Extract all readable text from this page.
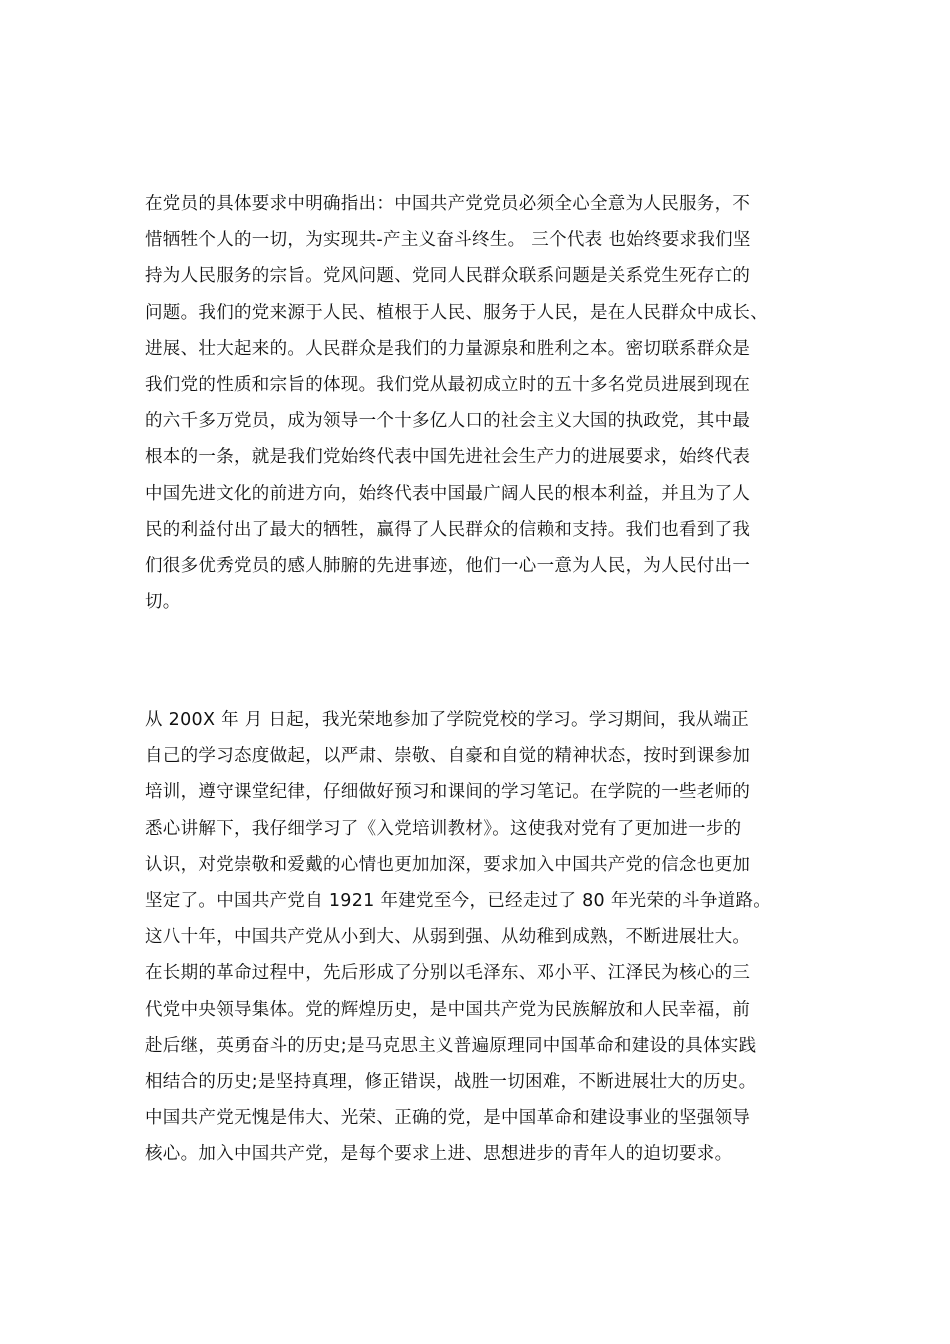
在党员的具体要求中明确指出：中国共产党党员必须全心全意为人民服务，不
惜牺牲个人的一切，为实现共-产主义奋斗终生。 三个代表 也始终要求我们坚
持为人民服务的宗旨。党风问题、党同人民群众联系问题是关系党生死存亡的
问题。我们的党来源于人民、植根于人民、服务于人民，是在人民群众中成长、
进展、壮大起来的。人民群众是我们的力量源泉和胜利之本。密切联系群众是
我们党的性质和宗旨的体现。我们党从最初成立时的五十多名党员进展到现在
的六千多万党员，成为领导一个十多亿人口的社会主义大国的执政党，其中最
根本的一条，就是我们党始终代表中国先进社会生产力的进展要求，始终代表
中国先进文化的前进方向，始终代表中国最广阔人民的根本利益，并且为了人
民的利益付出了最大的牺牲，赢得了人民群众的信赖和支持。我们也看到了我
们很多优秀党员的感人肺腑的先进事迹，他们一心一意为人民，为人民付出一
切。
从 200X 年 月 日起，我光荣地参加了学院党校的学习。学习期间，我从端正
自己的学习态度做起，以严肃、崇敬、自豪和自觉的精神状态，按时到课参加
培训，遵守课堂纪律，仔细做好预习和课间的学习笔记。在学院的一些老师的
悉心讲解下，我仔细学习了《入党培训教材》。这使我对党有了更加进一步的
认识，对党崇敬和爱戴的心情也更加加深，要求加入中国共产党的信念也更加
坚定了。中国共产党自 1921 年建党至今，已经走过了 80 年光荣的斗争道路。
这八十年，中国共产党从小到大、从弱到强、从幼稚到成熟，不断进展壮大。
在长期的革命过程中，先后形成了分别以毛泽东、邓小平、江泽民为核心的三
代党中央领导集体。党的辉煌历史，是中国共产党为民族解放和人民幸福，前
赴后继，英勇奋斗的历史;是马克思主义普遍原理同中国革命和建设的具体实践
相结合的历史;是坚持真理，修正错误，战胜一切困难，不断进展壮大的历史。
中国共产党无愧是伟大、光荣、正确的党，是中国革命和建设事业的坚强领导
核心。加入中国共产党，是每个要求上进、思想进步的青年人的迫切要求。
